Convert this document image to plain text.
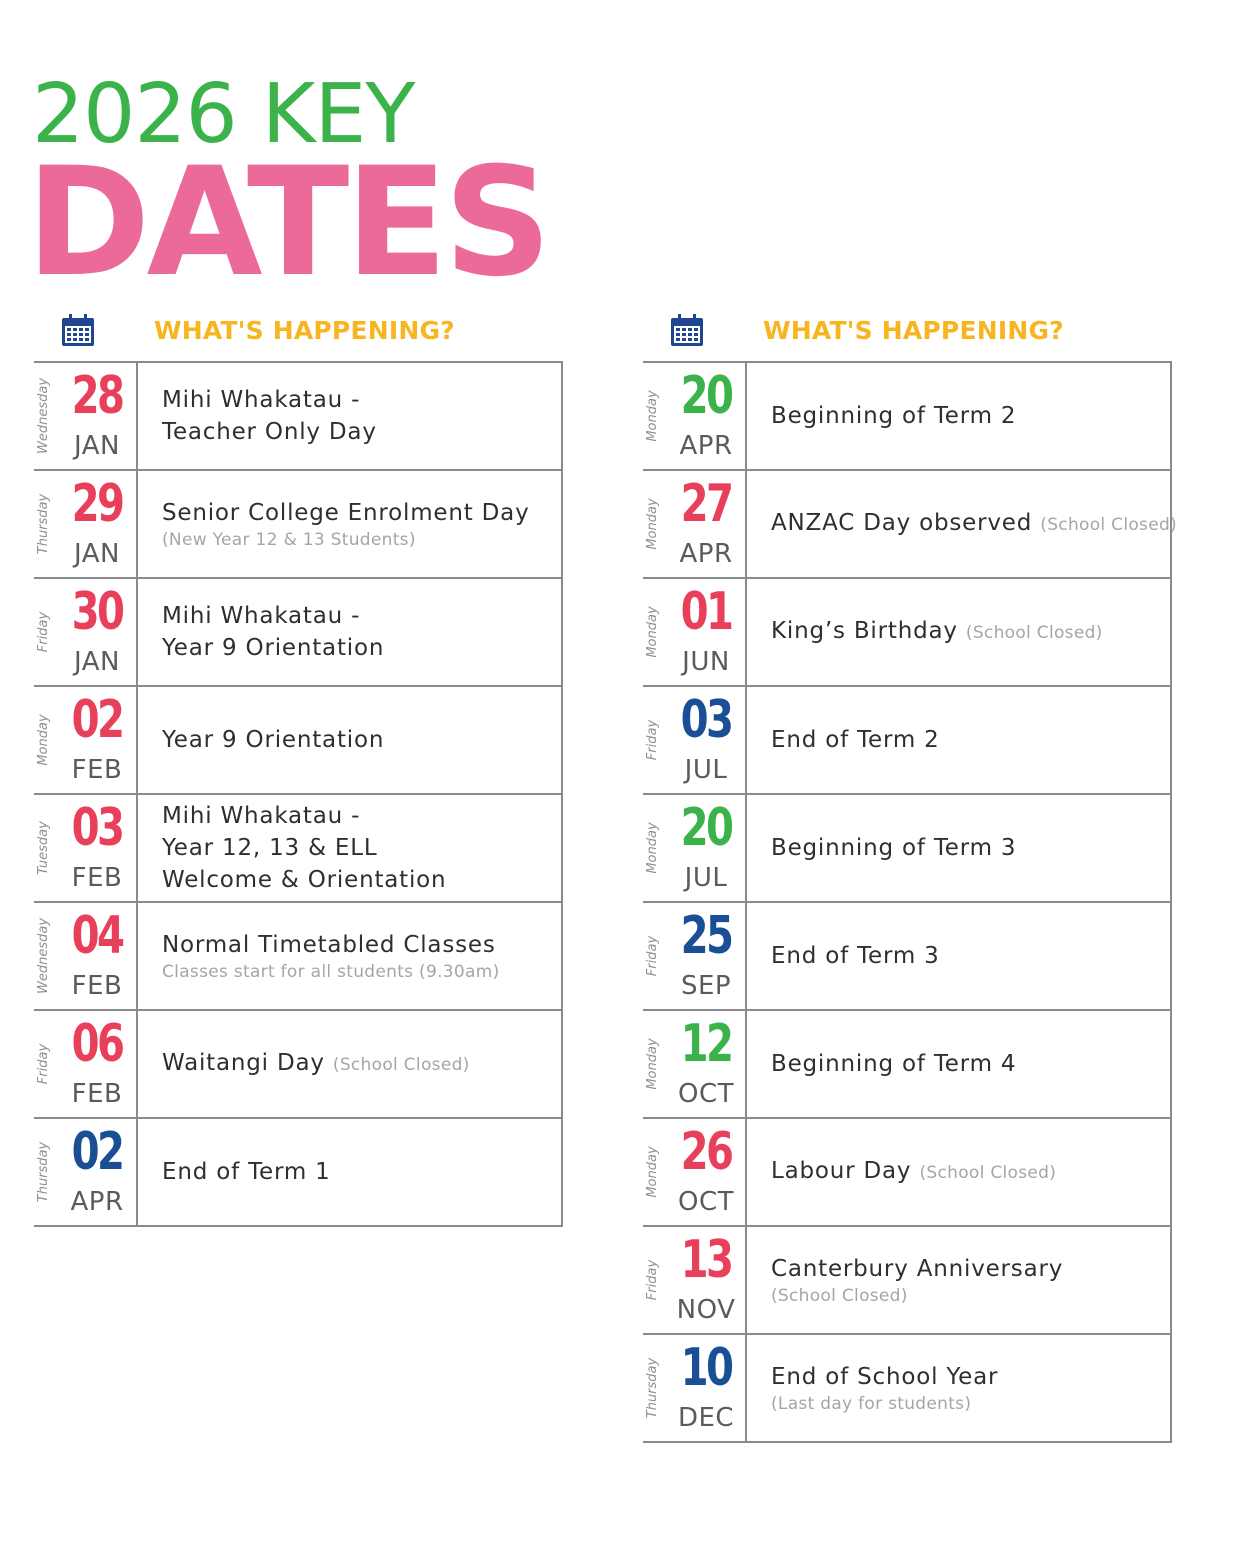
2026 KEY
DATES
WHAT'S HAPPENING?
Wednesday 28
JAN
Mihi Whakatau -
Teacher Only Day
Thursday 29
JAN
Senior College Enrolment Day
(New Year 12 & 13 Students)
Friday 30
JAN
Mihi Whakatau -
Year 9 Orientation
Monday 02
FEB
Year 9 Orientation
Tuesday 03
FEB
Mihi Whakatau -
Year 12, 13 & ELL
Welcome & Orientation
Wednesday 04
FEB
Normal Timetabled Classes
Classes start for all students (9.30am)
Friday 06
FEB
Waitangi Day (School Closed)
Thursday 02
APR
End of Term 1
WHAT'S HAPPENING?
Monday 20
APR
Beginning of Term 2
Monday 27
APR
ANZAC Day observed (School Closed)
Monday 01
JUN
King’s Birthday (School Closed)
Friday 03
JUL
End of Term 2
Monday 20
JUL
Beginning of Term 3
Friday 25
SEP
End of Term 3
Monday 12
OCT
Beginning of Term 4
Monday 26
OCT
Labour Day (School Closed)
Friday 13
NOV
Canterbury Anniversary
(School Closed)
Thursday 10
DEC
End of School Year
(Last day for students)
